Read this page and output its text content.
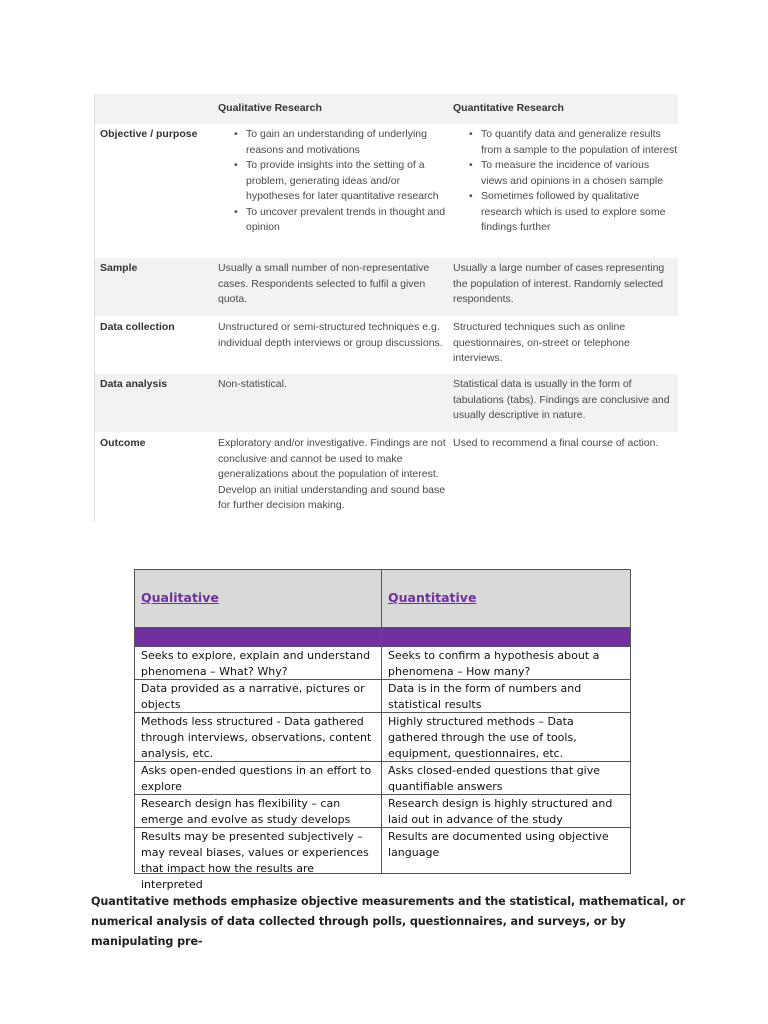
Qualitative Research	Quantitative Research
Objective / purpose
•	To gain an understanding of underlying reasons and motivations
• To provide insights into the setting of a problem, generating ideas and/or hypotheses for later quantitative research
• To uncover prevalent trends in thought and opinion
• To quantify data and generalize results from a sample to the population of interest
• To measure the incidence of various views and opinions in a chosen sample
• Sometimes followed by qualitative research which is used to explore some findings further
Sample	Usually a small number of non-representative cases. Respondents selected to fulfil a given quota.
Usually a large number of cases representing the population of interest. Randomly selected respondents.
Data collection	Unstructured or semi-structured techniques e.g. individual depth interviews or group discussions.
Structured techniques such as online questionnaires, on-street or telephone interviews.
Data analysis	Non-statistical.	Statistical data is usually in the form of tabulations (tabs). Findings are conclusive and usually descriptive in nature.
Outcome	Exploratory and/or investigative. Findings are not conclusive and cannot be used to make generalizations about the population of interest. Develop an initial understanding and sound base for further decision making.
Used to recommend a final course of action.
Qualitative	Quantitative
Seeks to explore, explain and understand phenomena – What? Why?
Seeks to confirm a hypothesis about a phenomena – How many?
Data provided as a narrative, pictures or objects
Data is in the form of numbers and statistical results
Methods less structured - Data gathered through interviews, observations, content analysis, etc.
Highly structured methods – Data gathered through the use of tools, equipment, questionnaires, etc.
Asks open-ended questions in an effort to explore
Asks closed-ended questions that give quantifiable answers
Research design has flexibility – can emerge and evolve as study develops
Research design is highly structured and laid out in advance of the study
Results may be presented subjectively – may reveal biases, values or experiences that impact how the results are interpreted
Results are documented using objective language
Quantitative methods emphasize objective measurements and the statistical, mathematical, or numerical analysis of data collected through polls, questionnaires, and surveys, or by manipulating pre-
